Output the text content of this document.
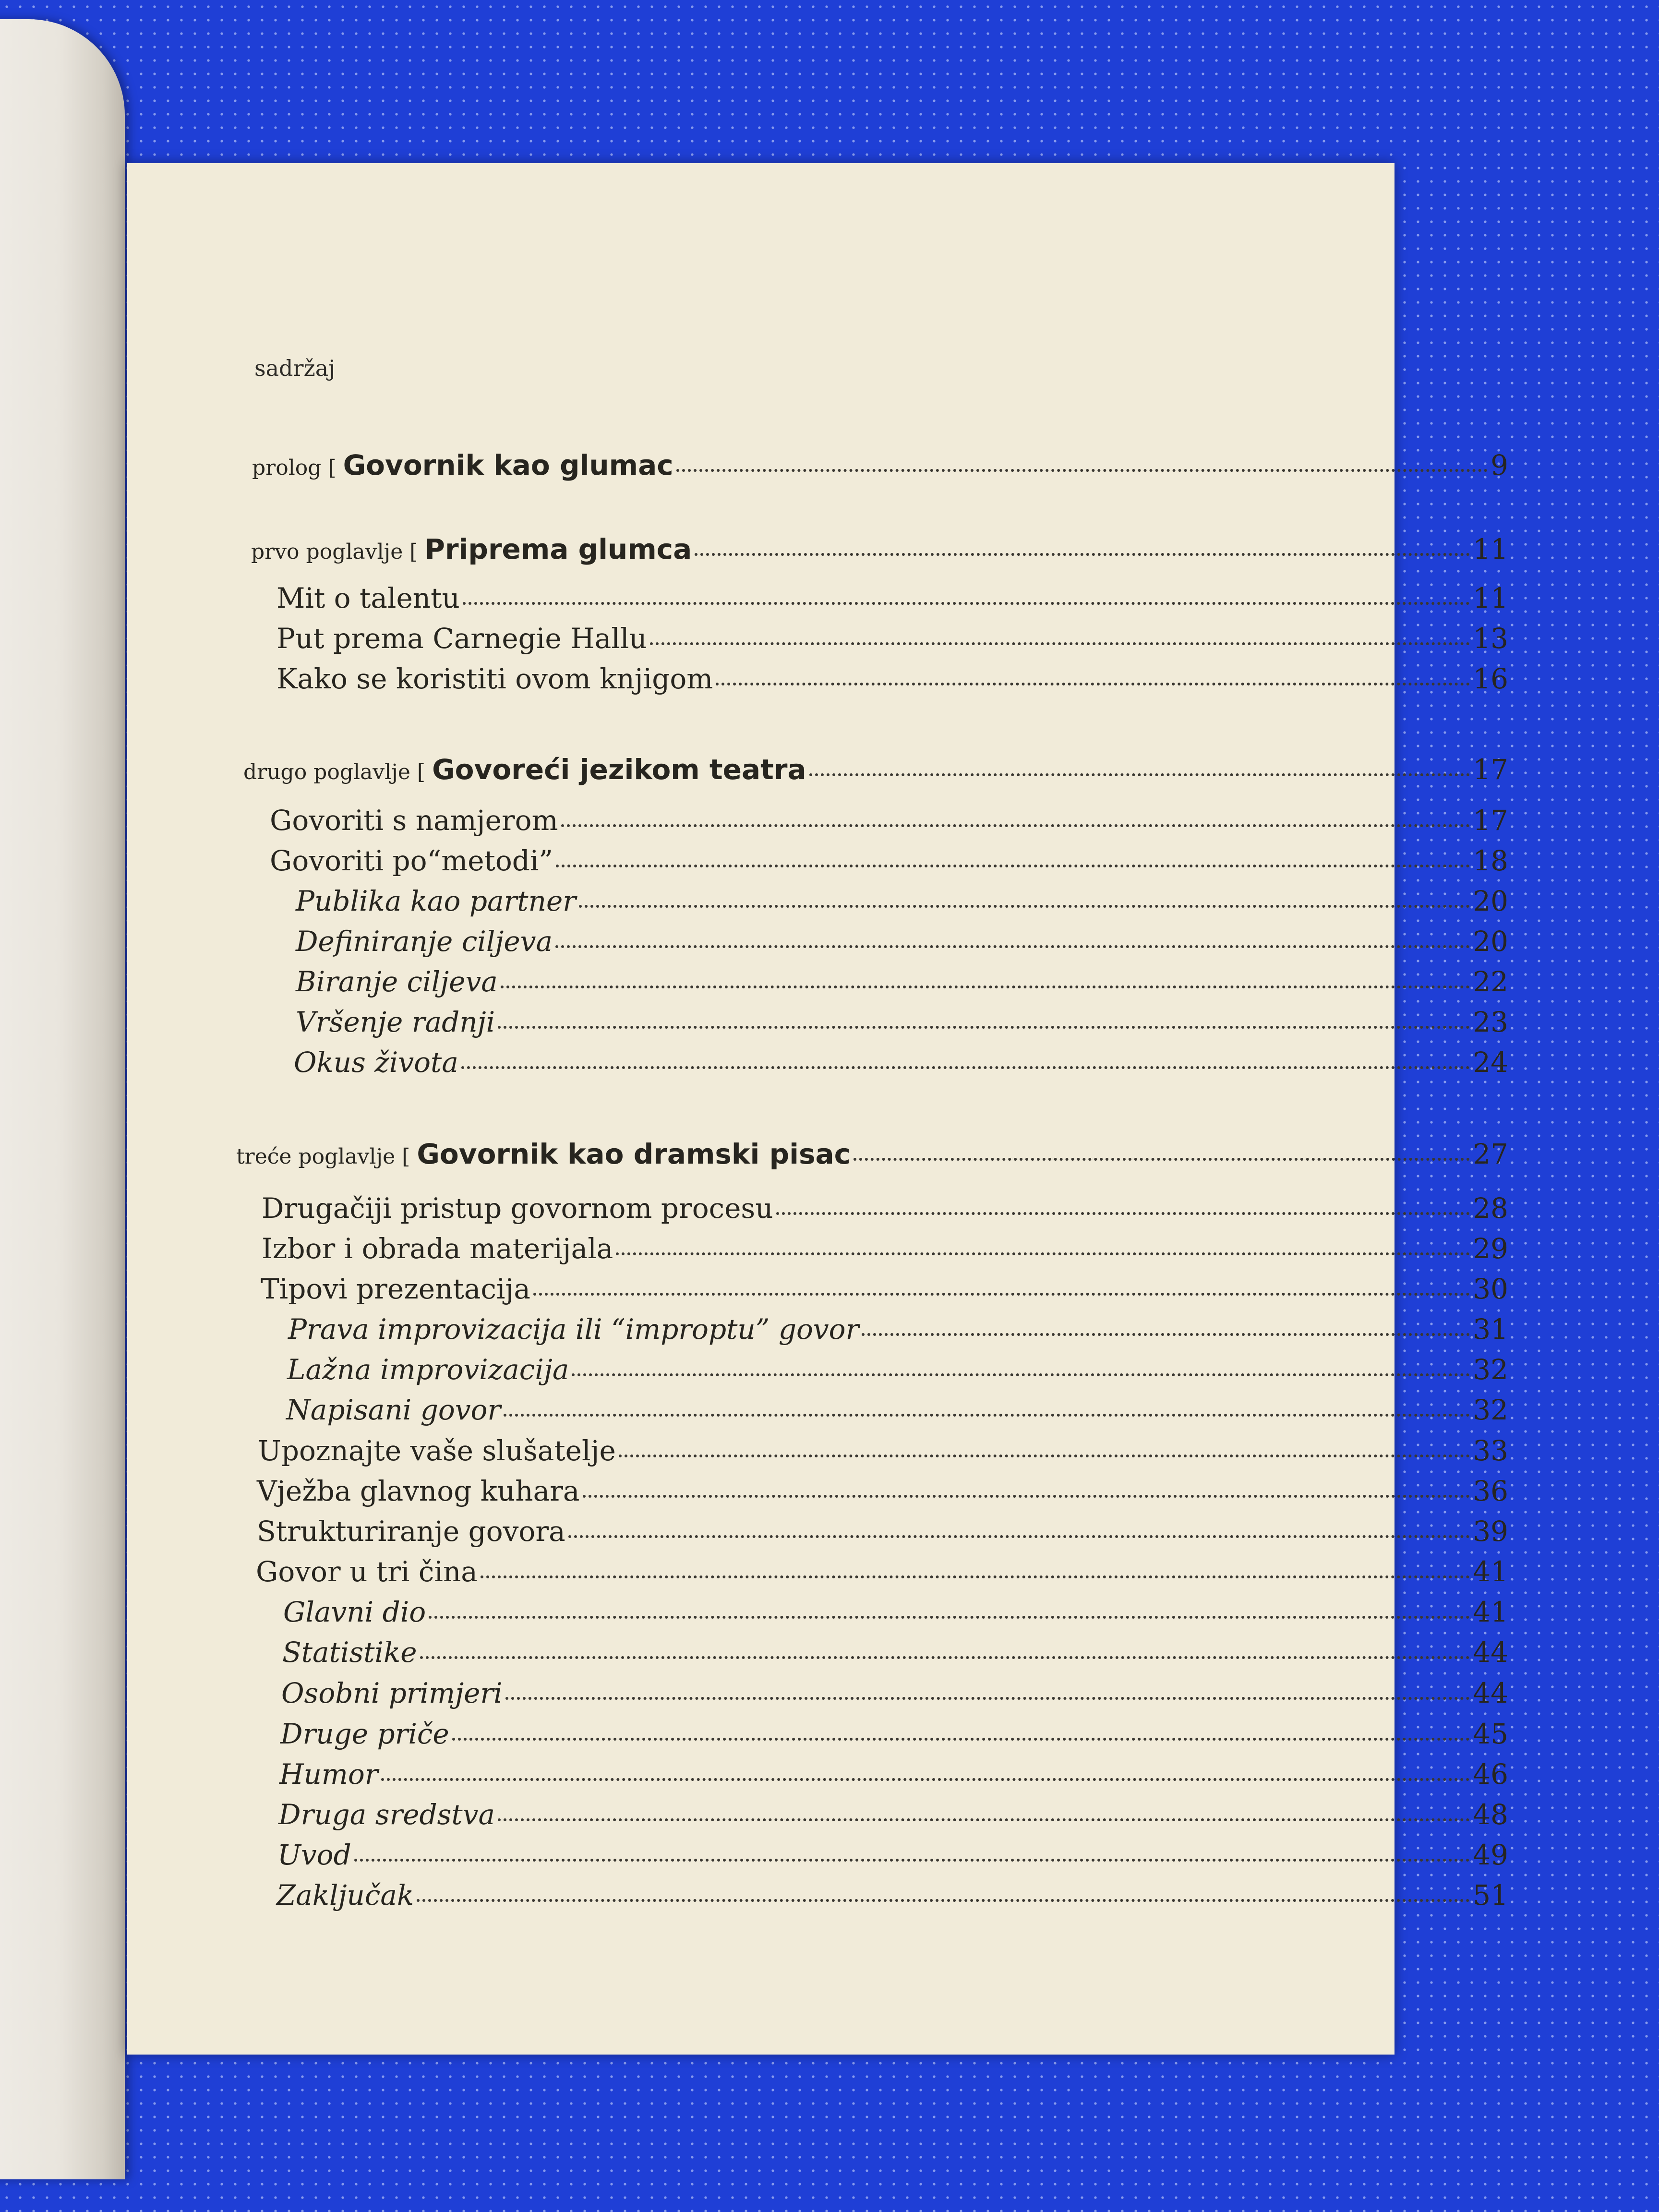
sadržaj
prolog [ Govornik kao glumac	9
prvo poglavlje [ Priprema glumca	11
Mit o talentu	11
Put prema Carnegie Hallu	13
Kako se koristiti ovom knjigom	16
drugo poglavlje [ Govoreći jezikom teatra	17
Govoriti s namjerom	17
Govoriti po“metodi”	18
Publika kao partner	20
Definiranje ciljeva	20
Biranje ciljeva	22
Vršenje radnji	23
Okus života	24
treće poglavlje [ Govornik kao dramski pisac	27
Drugačiji pristup govornom procesu	28
Izbor i obrada materijala	29
Tipovi prezentacija	30
Prava improvizacija ili “improptu” govor	31
Lažna improvizacija	32
Napisani govor	32
Upoznajte vaše slušatelje	33
Vježba glavnog kuhara	36
Strukturiranje govora	39
Govor u tri čina	41
Glavni dio	41
Statistike	44
Osobni primjeri	44
Druge priče	45
Humor	46
Druga sredstva	48
Uvod	49
Zaključak	51
